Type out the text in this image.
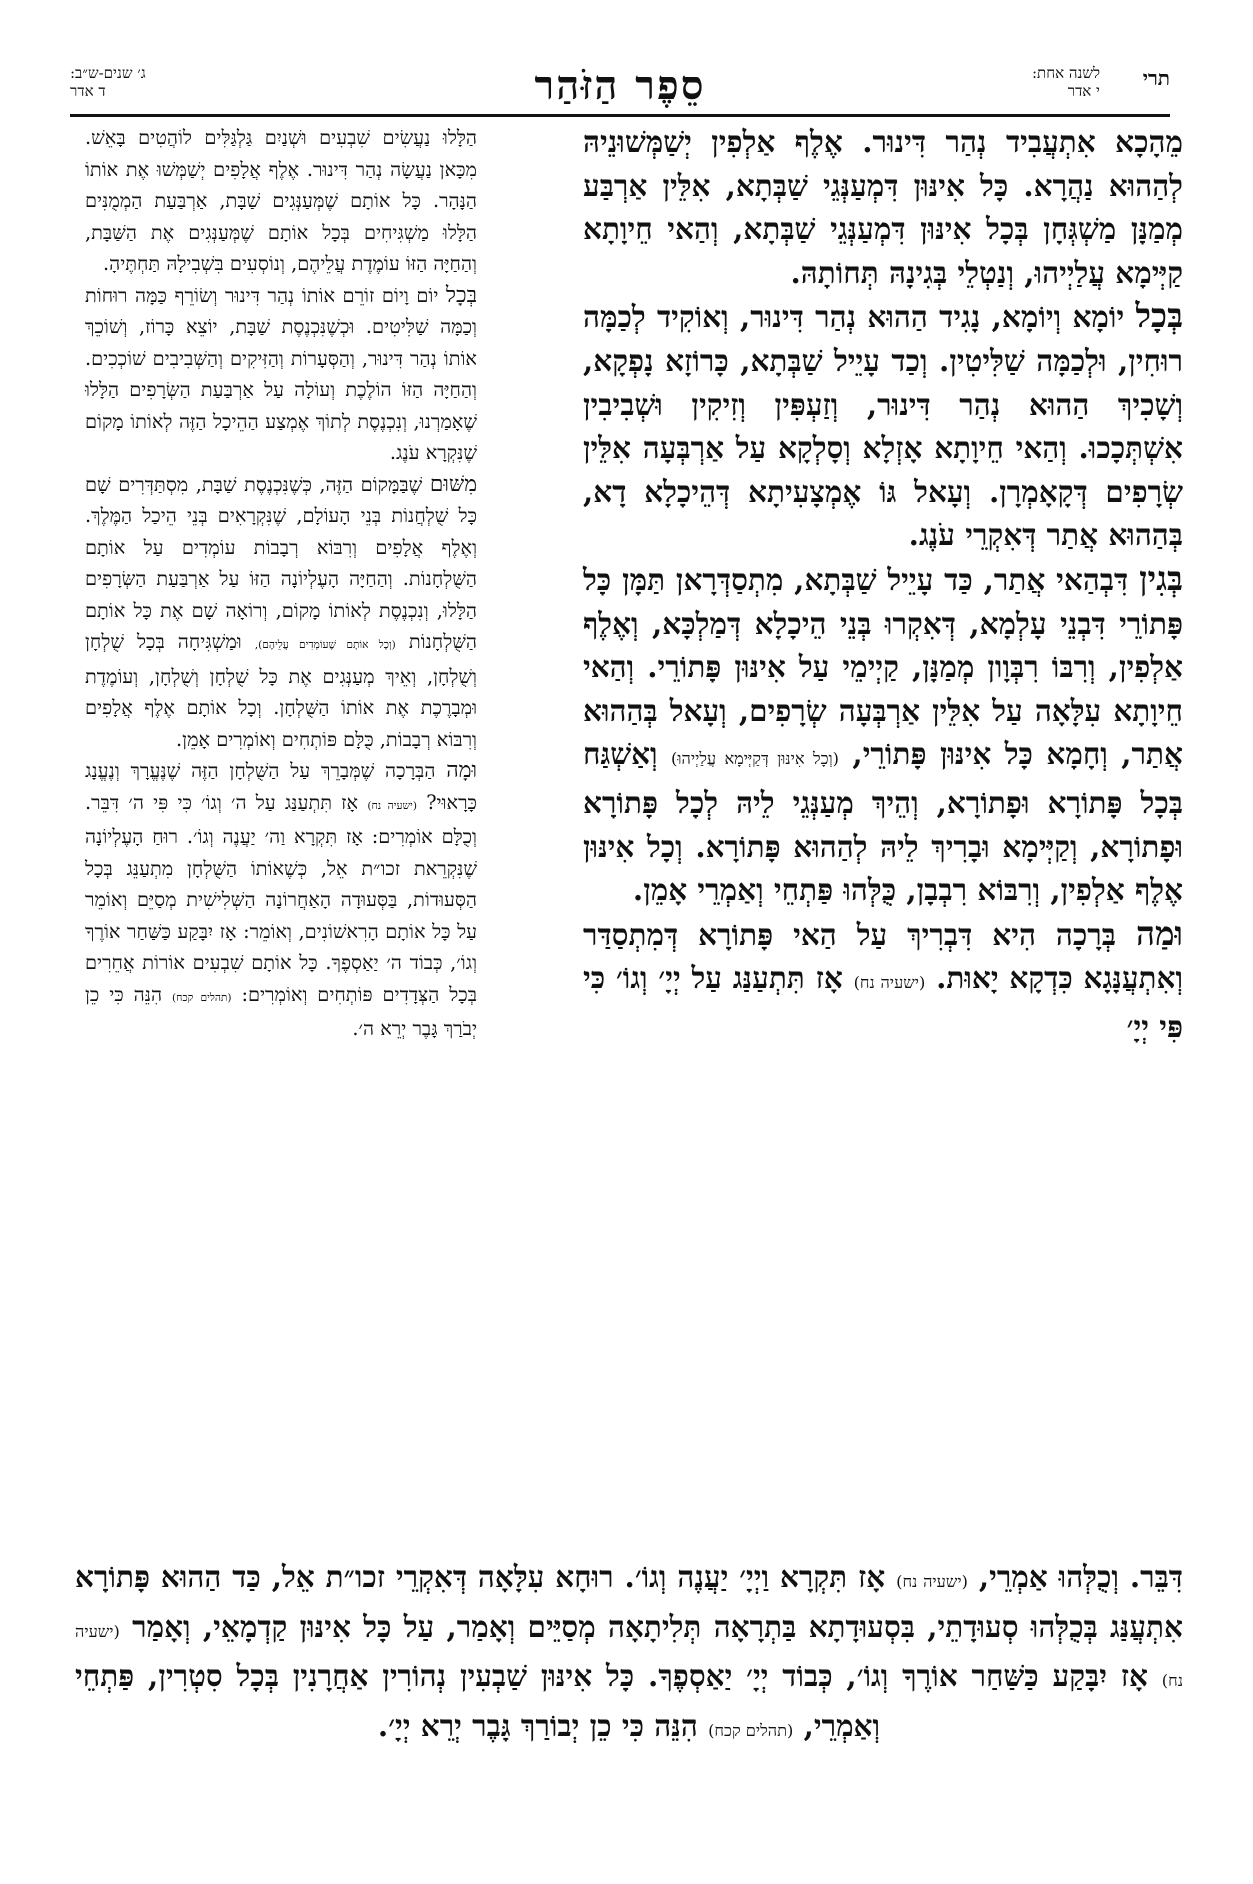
תרי
לשנה אחת:
י אדר
סֵפֶר הַזֹּהַר
ג׳ שנים-ש״ב:
ד אדר

מֵהָכָא אִתְעֲבִיד נְהַר דִּינוּר. אֶלֶף אַלְפִין יְשַׁמְּשׁוּנֵיהּ לְהַהוּא נַהֲרָא. כָּל אִינּוּן דִּמְעַנְּגֵי שַׁבְּתָא, אִלֵּין אַרְבַּע מְמַנָּן מַשְׁגְּחָן בְּכָל אִינּוּן דִּמְעַנְּגֵי שַׁבְּתָא, וְהַאי חֵיוָתָא קַיְּימָא עֲלַיְיהוּ, וְנַטְלֵי בְּגִינָהּ תְּחוֹתָהּ.

בְּכָל יוֹמָא וְיוֹמָא, נָגִיד הַהוּא נְהַר דִּינוּר, וְאוֹקִיד לְכַמָּה רוּחִין, וּלְכַמָּה שַׁלִּיטִין. וְכַד עָיֵיל שַׁבְּתָא, כָּרוֹזָא נָפְקָא, וְשָׁכִיךְ הַהוּא נְהַר דִּינוּר, וְזַעְפִּין וְזִיקִין וּשְׁבִיבִין אִשְׁתְּכָכוּ. וְהַאי חֵיוָתָא אָזְלָא וְסָלְקָא עַל אַרְבְּעָה אִלֵּין שְׂרָפִים דְּקָאָמְרָן. וְעָאל גּוֹ אֶמְצָעִיתָא דְּהֵיכָלָא דָא, בְּהַהוּא אֲתַר דְּאִקְרֵי עֹנֶג.

בְּגִין דִּבְהַאי אֲתַר, כַּד עָיֵיל שַׁבְּתָא, מִתְסַדְּרָאן תַּמָּן כָּל פָּתוֹרֵי דִּבְנֵי עָלְמָא, דְּאִקְרוּ בְּנֵי הֵיכָלָא דְּמַלְכָּא, וְאֶלֶף אַלְפִין, וְרִבּוֹ רִבְּוָון מְמַנָּן, קַיְימֵי עַל אִינּוּן פָּתוֹרֵי. וְהַאי חֵיוָתָא עִלָּאָה עַל אִלֵּין אַרְבְּעָה שְׂרָפִים, וְעָאל בְּהַהוּא אֲתַר, וְחָמָא כָּל אִינּוּן פָּתוֹרֵי, (וְכָל אִינּוּן דְּקַיְּימָא עֲלַיְיהוּ) וְאַשְׁגַּח בְּכָל פָּתוֹרָא וּפָתוֹרָא, וְהֵיךְ מְעַנְּגֵי לֵיהּ לְכָל פָּתוֹרָא וּפָתוֹרָא, וְקַיְּימָא וּבָרִיךְ לֵיהּ לְהַהוּא פָּתוֹרָא. וְכָל אִינּוּן אֶלֶף אַלְפִין, וְרִבּוֹא רִבְבָן, כֻּלְּהוּ פַּתְחֵי וְאַמְרֵי אָמֵן.

וּמַה בְּרָכָה הִיא דִּבְרִיךְ עַל הַאי פָּתוֹרָא דְּמִתְסַדַּר וְאִתְעֲנָּגָא כִּדְקָא יָאוּת. (ישעיה נח) אָז תִּתְעַנַּג עַל יְיָ׳ וְגוֹ׳ כִּי פִּי יְיָ׳

הַלָּלוּ נַעֲשִׂים שִׁבְעִים וּשְׁנַיִם גַּלְגַּלִּים לוֹהֲטִים בָּאֵשׁ. מִכָּאן נַעֲשָׂה נְהַר דִּינוּר. אֶלֶף אֲלָפִים יְשַׁמְּשׁוּ אֶת אוֹתוֹ הַנָּהָר. כָּל אוֹתָם שֶׁמְּעַנְּגִים שַׁבָּת, אַרְבַּעַת הַמְמֻנִּים הַלָּלוּ מַשְׁגִּיחִים בְּכָל אוֹתָם שֶׁמְּעַנְּגִים אֶת הַשַּׁבָּת, וְהַחַיָּה הַזּוֹ עוֹמֶדֶת עֲלֵיהֶם, וְנוֹסְעִים בִּשְׁבִילָהּ תַּחְתֶּיהָ.

בְּכָל יוֹם וָיוֹם זוֹרֵם אוֹתוֹ נְהַר דִּינוּר וְשׂוֹרֵף כַּמָּה רוּחוֹת וְכַמָּה שַׁלִּיטִים. וּכְשֶׁנִּכְנֶסֶת שַׁבָּת, יוֹצֵא כָּרוֹז, וְשׁוֹכֵךְ אוֹתוֹ נְהַר דִּינוּר, וְהַסְּעָרוֹת וְהַזִּיקִים וְהַשְּׁבִיבִים שׁוֹכְכִים. וְהַחַיָּה הַזּוֹ הוֹלֶכֶת וְעוֹלָה עַל אַרְבַּעַת הַשְּׂרָפִים הַלָּלוּ שֶׁאָמַרְנוּ, וְנִכְנֶסֶת לְתוֹךְ אֶמְצַע הַהֵיכָל הַזֶּה לְאוֹתוֹ מָקוֹם שֶׁנִּקְרָא עֹנֶג.

מִשּׁוּם שֶׁבַּמָּקוֹם הַזֶּה, כְּשֶׁנִּכְנֶסֶת שַׁבָּת, מִסְתַּדְּרִים שָׁם כָּל שֻׁלְחֲנוֹת בְּנֵי הָעוֹלָם, שֶׁנִּקְרָאִים בְּנֵי הֵיכַל הַמֶּלֶךְ. וְאֶלֶף אֲלָפִים וְרִבּוֹא רְבָבוֹת עוֹמְדִים עַל אוֹתָם הַשֻּׁלְחָנוֹת. וְהַחַיָּה הָעֶלְיוֹנָה הַזּוֹ עַל אַרְבַּעַת הַשְּׂרָפִים הַלָּלוּ, וְנִכְנֶסֶת לְאוֹתוֹ מָקוֹם, וְרוֹאָה שָׁם אֶת כָּל אוֹתָם הַשֻּׁלְחָנוֹת (וְכָל אוֹתָם שֶׁעוֹמְדִים עֲלֵיהֶם), וּמַשְׁגִּיחָה בְּכָל שֻׁלְחָן וְשֻׁלְחָן, וְאֵיךְ מְעַנְּגִים אֶת כָּל שֻׁלְחָן וְשֻׁלְחָן, וְעוֹמֶדֶת וּמְבָרֶכֶת אֶת אוֹתוֹ הַשֻּׁלְחָן. וְכָל אוֹתָם אֶלֶף אֲלָפִים וְרִבּוֹא רְבָבוֹת, כֻּלָּם פּוֹתְחִים וְאוֹמְרִים אָמֵן.

וּמָה הַבְּרָכָה שֶׁמְּבָרֵךְ עַל הַשֻּׁלְחָן הַזֶּה שֶׁנֶּעֱרָךְ וְנֶעֱנָג כָּרָאוּי? (ישעיה נח) אָז תִּתְעַנַּג עַל ה׳ וְגוֹ׳ כִּי פִּי ה׳ דִּבֵּר. וְכֻלָּם אוֹמְרִים: אָז תִּקְרָא וַה׳ יַעֲנֶה וְגוֹ׳. רוּחַ הָעֶלְיוֹנָה שֶׁנִּקְרֵאת זכו״ת אֵל, כְּשֶׁאוֹתוֹ הַשֻּׁלְחָן מִתְעַנֵּג בְּכָל הַסְּעוּדוֹת, בַּסְּעוּדָה הָאַחֲרוֹנָה הַשְּׁלִישִׁית מְסַיֵּם וְאוֹמֵר עַל כָּל אוֹתָם הָרִאשׁוֹנִים, וְאוֹמֵר: אָז יִבָּקַע כַּשַּׁחַר אוֹרֶךָ וְגוֹ׳, כְּבוֹד ה׳ יַאַסְפֶךָ. כָּל אוֹתָם שִׁבְעִים אוֹרוֹת אֲחֵרִים בְּכָל הַצְּדָדִים פּוֹתְחִים וְאוֹמְרִים: (תהלים קכח) הִנֵּה כִּי כֵן יְבֹרַךְ גָּבֶר יְרֵא ה׳.

דִּבֵּר. וְכֻלְּהוּ אַמְרֵי, (ישעיה נח) אָז תִּקְרָא וַיְיָ׳ יַעֲנֶה וְגוֹ׳. רוּחָא עִלָּאָה דְּאִקְרֵי זכו״ת אֵל, כַּד הַהוּא פָּתוֹרָא אִתְעֲנַּג בְּכֻלְּהוּ סְעוּדָתֵי, בִּסְעוּדָתָא בַּתְרָאָה תְּלִיתָאָה מְסַיֵּים וְאָמַר, עַל כָּל אִינּוּן קַדְמָאֵי, וְאָמַר (ישעיה נח) אָז יִבָּקַע כַּשַּׁחַר אוֹרֶךָ וְגוֹ׳, כְּבוֹד יְיָ׳ יַאַסְפֶךָ. כָּל אִינּוּן שַׁבְעִין נְהוֹרִין אַחֲרָנִין בְּכָל סִטְרִין, פַּתְחֵי וְאַמְרֵי, (תהלים קכח) הִנֵּה כִּי כֵן יְבוֹרַךְ גָּבֶר יְרֵא יְיָ׳.
